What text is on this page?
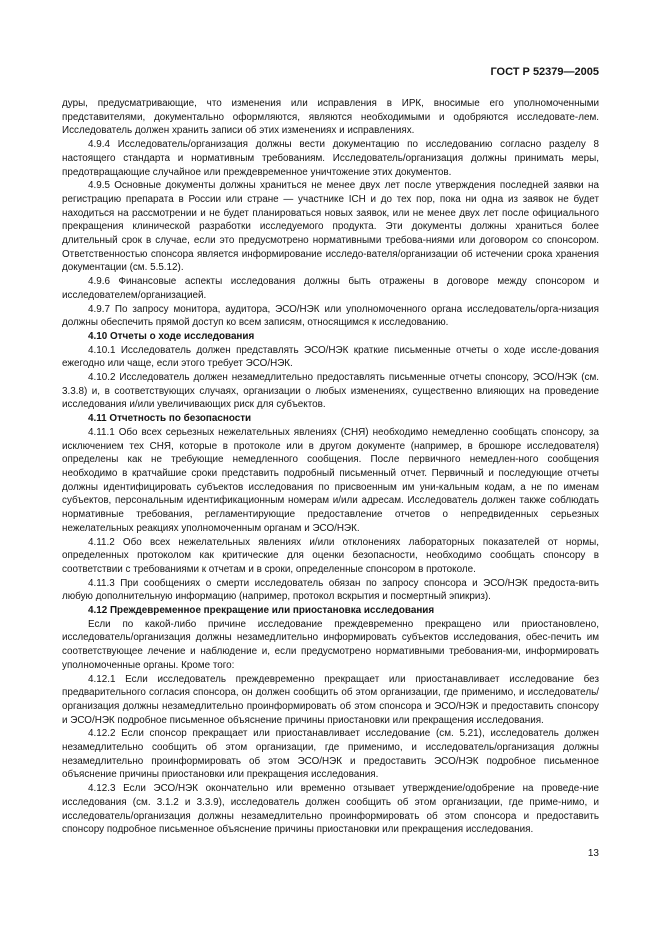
ГОСТ Р 52379—2005

дуры, предусматривающие, что изменения или исправления в ИРК, вносимые его уполномоченными представителями, документально оформляются, являются необходимыми и одобряются исследовате-лем. Исследователь должен хранить записи об этих изменениях и исправлениях.

4.9.4 Исследователь/организация должны вести документацию по исследованию согласно разделу 8 настоящего стандарта и нормативным требованиям. Исследователь/организация должны принимать меры, предотвращающие случайное или преждевременное уничтожение этих документов.

4.9.5 Основные документы должны храниться не менее двух лет после утверждения последней заявки на регистрацию препарата в России или стране — участнике ICH и до тех пор, пока ни одна из заявок не будет находиться на рассмотрении и не будет планироваться новых заявок, или не менее двух лет после официального прекращения клинической разработки исследуемого продукта. Эти документы должны храниться более длительный срок в случае, если это предусмотрено нормативными требова-ниями или договором со спонсором. Ответственностью спонсора является информирование исследо-вателя/организации об истечении срока хранения документации (см. 5.5.12).

4.9.6 Финансовые аспекты исследования должны быть отражены в договоре между спонсором и исследователем/организацией.

4.9.7 По запросу монитора, аудитора, ЭСО/НЭК или уполномоченного органа исследователь/орга-низация должны обеспечить прямой доступ ко всем записям, относящимся к исследованию.

4.10 Отчеты о ходе исследования

4.10.1 Исследователь должен представлять ЭСО/НЭК краткие письменные отчеты о ходе иссле-дования ежегодно или чаще, если этого требует ЭСО/НЭК.

4.10.2 Исследователь должен незамедлительно предоставлять письменные отчеты спонсору, ЭСО/НЭК (см. 3.3.8) и, в соответствующих случаях, организации о любых изменениях, существенно влияющих на проведение исследования и/или увеличивающих риск для субъектов.

4.11 Отчетность по безопасности

4.11.1 Обо всех серьезных нежелательных явлениях (СНЯ) необходимо немедленно сообщать спонсору, за исключением тех СНЯ, которые в протоколе или в другом документе (например, в брошюре исследователя) определены как не требующие немедленного сообщения. После первичного немедлен-ного сообщения необходимо в кратчайшие сроки представить подробный письменный отчет. Первичный и последующие отчеты должны идентифицировать субъектов исследования по присвоенным им уни-кальным кодам, а не по именам субъектов, персональным идентификационным номерам и/или адресам. Исследователь должен также соблюдать нормативные требования, регламентирующие предоставление отчетов о непредвиденных серьезных нежелательных реакциях уполномоченным органам и ЭСО/НЭК.

4.11.2 Обо всех нежелательных явлениях и/или отклонениях лабораторных показателей от нормы, определенных протоколом как критические для оценки безопасности, необходимо сообщать спонсору в соответствии с требованиями к отчетам и в сроки, определенные спонсором в протоколе.

4.11.3 При сообщениях о смерти исследователь обязан по запросу спонсора и ЭСО/НЭК предоста-вить любую дополнительную информацию (например, протокол вскрытия и посмертный эпикриз).

4.12 Преждевременное прекращение или приостановка исследования

Если по какой-либо причине исследование преждевременно прекращено или приостановлено, исследователь/организация должны незамедлительно информировать субъектов исследования, обес-печить им соответствующее лечение и наблюдение и, если предусмотрено нормативными требования-ми, информировать уполномоченные органы. Кроме того:

4.12.1 Если исследователь преждевременно прекращает или приостанавливает исследование без предварительного согласия спонсора, он должен сообщить об этом организации, где применимо, и исследователь/организация должны незамедлительно проинформировать об этом спонсора и ЭСО/НЭК и предоставить спонсору и ЭСО/НЭК подробное письменное объяснение причины приостановки или прекращения исследования.

4.12.2 Если спонсор прекращает или приостанавливает исследование (см. 5.21), исследователь должен незамедлительно сообщить об этом организации, где применимо, и исследователь/организация должны незамедлительно проинформировать об этом ЭСО/НЭК и предоставить ЭСО/НЭК подробное письменное объяснение причины приостановки или прекращения исследования.

4.12.3 Если ЭСО/НЭК окончательно или временно отзывает утверждение/одобрение на проведе-ние исследования (см. 3.1.2 и 3.3.9), исследователь должен сообщить об этом организации, где приме-нимо, и исследователь/организация должны незамедлительно проинформировать об этом спонсора и предоставить спонсору подробное письменное объяснение причины приостановки или прекращения исследования.

13
